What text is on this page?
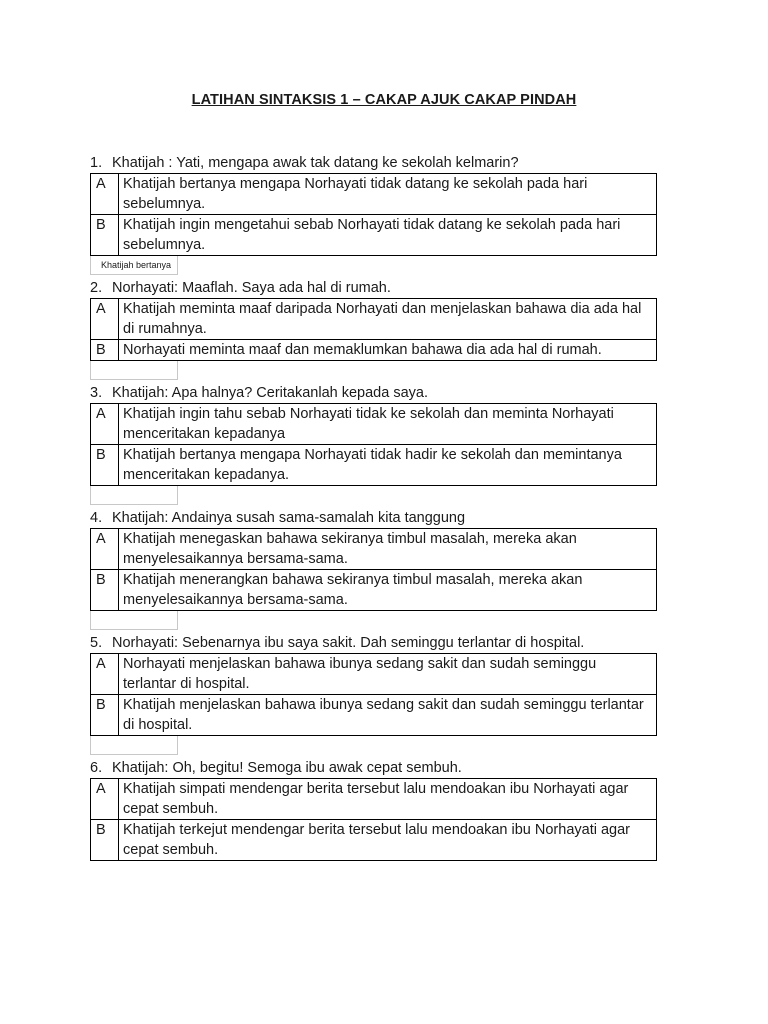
LATIHAN SINTAKSIS 1 – CAKAP AJUK CAKAP PINDAH
1. Khatijah : Yati, mengapa awak tak datang ke sekolah kelmarin?
A	Khatijah bertanya mengapa Norhayati tidak datang ke sekolah pada hari sebelumnya.
B	Khatijah ingin mengetahui sebab Norhayati tidak datang ke sekolah pada hari sebelumnya.
Khatijah bertanya
2. Norhayati: Maaflah. Saya ada hal di rumah.
A	Khatijah meminta maaf daripada Norhayati dan menjelaskan bahawa dia ada hal di rumahnya.
B	Norhayati meminta maaf dan memaklumkan bahawa dia ada hal di rumah.
3. Khatijah: Apa halnya? Ceritakanlah kepada saya.
A	Khatijah ingin tahu sebab Norhayati tidak ke sekolah dan meminta Norhayati menceritakan kepadanya
B	Khatijah bertanya mengapa Norhayati tidak hadir ke sekolah dan memintanya menceritakan kepadanya.
4. Khatijah: Andainya susah sama-samalah kita tanggung
A	Khatijah menegaskan bahawa sekiranya timbul masalah, mereka akan menyelesaikannya bersama-sama.
B	Khatijah menerangkan bahawa sekiranya timbul masalah, mereka akan menyelesaikannya bersama-sama.
5. Norhayati: Sebenarnya ibu saya sakit. Dah seminggu terlantar di hospital.
A	Norhayati menjelaskan bahawa ibunya sedang sakit dan sudah seminggu terlantar di hospital.
B	Khatijah menjelaskan bahawa ibunya sedang sakit dan sudah seminggu terlantar di hospital.
6. Khatijah: Oh, begitu! Semoga ibu awak cepat sembuh.
A	Khatijah simpati mendengar berita tersebut lalu mendoakan ibu Norhayati agar cepat sembuh.
B	Khatijah terkejut mendengar berita tersebut lalu mendoakan ibu Norhayati agar cepat sembuh.
